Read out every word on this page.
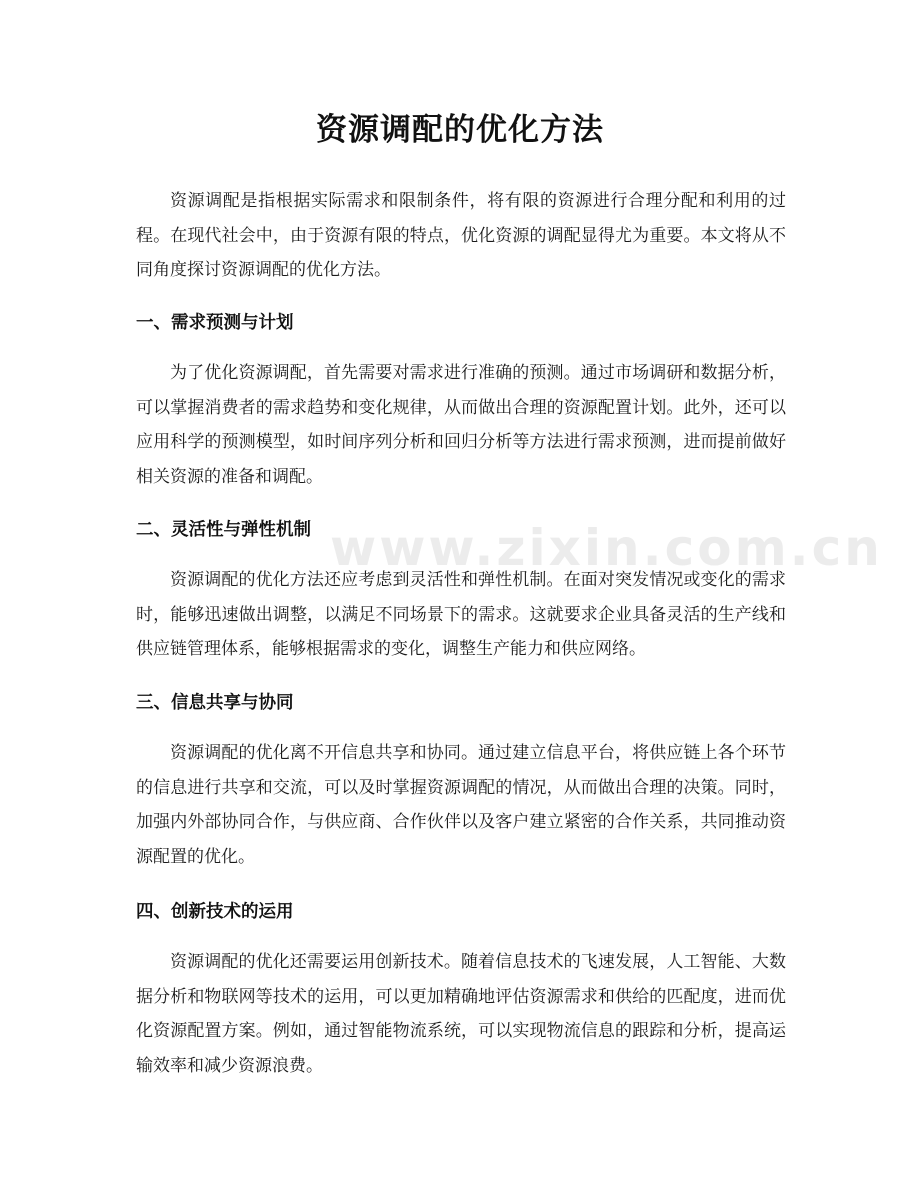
www.zixin.com.cn
资源调配的优化方法

资源调配是指根据实际需求和限制条件，将有限的资源进行合理分配和利用的过程。在现代社会中，由于资源有限的特点，优化资源的调配显得尤为重要。本文将从不同角度探讨资源调配的优化方法。

一、需求预测与计划

为了优化资源调配，首先需要对需求进行准确的预测。通过市场调研和数据分析，可以掌握消费者的需求趋势和变化规律，从而做出合理的资源配置计划。此外，还可以应用科学的预测模型，如时间序列分析和回归分析等方法进行需求预测，进而提前做好相关资源的准备和调配。

二、灵活性与弹性机制

资源调配的优化方法还应考虑到灵活性和弹性机制。在面对突发情况或变化的需求时，能够迅速做出调整，以满足不同场景下的需求。这就要求企业具备灵活的生产线和供应链管理体系，能够根据需求的变化，调整生产能力和供应网络。

三、信息共享与协同

资源调配的优化离不开信息共享和协同。通过建立信息平台，将供应链上各个环节的信息进行共享和交流，可以及时掌握资源调配的情况，从而做出合理的决策。同时，加强内外部协同合作，与供应商、合作伙伴以及客户建立紧密的合作关系，共同推动资源配置的优化。

四、创新技术的运用

资源调配的优化还需要运用创新技术。随着信息技术的飞速发展，人工智能、大数据分析和物联网等技术的运用，可以更加精确地评估资源需求和供给的匹配度，进而优化资源配置方案。例如，通过智能物流系统，可以实现物流信息的跟踪和分析，提高运输效率和减少资源浪费。
